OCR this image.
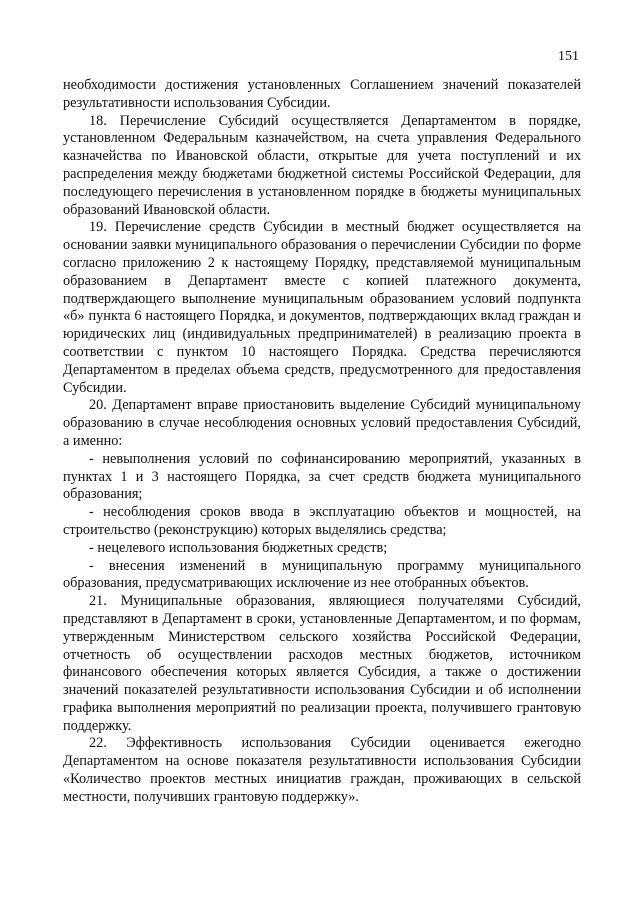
151

необходимости достижения установленных Соглашением значений показателей результативности использования Субсидии.

18. Перечисление Субсидий осуществляется Департаментом в порядке, установленном Федеральным казначейством, на счета управления Федерального казначейства по Ивановской области, открытые для учета поступлений и их распределения между бюджетами бюджетной системы Российской Федерации, для последующего перечисления в установленном порядке в бюджеты муниципальных образований Ивановской области.

19. Перечисление средств Субсидии в местный бюджет осуществляется на основании заявки муниципального образования о перечислении Субсидии по форме согласно приложению 2 к настоящему Порядку, представляемой муниципальным образованием в Департамент вместе с копией платежного документа, подтверждающего выполнение муниципальным образованием условий подпункта «б» пункта 6 настоящего Порядка, и документов, подтверждающих вклад граждан и юридических лиц (индивидуальных предпринимателей) в реализацию проекта в соответствии с пунктом 10 настоящего Порядка. Средства перечисляются Департаментом в пределах объема средств, предусмотренного для предоставления Субсидии.

20. Департамент вправе приостановить выделение Субсидий муниципальному образованию в случае несоблюдения основных условий предоставления Субсидий, а именно:

- невыполнения условий по софинансированию мероприятий, указанных в пунктах 1 и 3 настоящего Порядка, за счет средств бюджета муниципального образования;

- несоблюдения сроков ввода в эксплуатацию объектов и мощностей, на строительство (реконструкцию) которых выделялись средства;

- нецелевого использования бюджетных средств;

- внесения изменений в муниципальную программу муниципального образования, предусматривающих исключение из нее отобранных объектов.

21. Муниципальные образования, являющиеся получателями Субсидий, представляют в Департамент в сроки, установленные Департаментом, и по формам, утвержденным Министерством сельского хозяйства Российской Федерации, отчетность об осуществлении расходов местных бюджетов, источником финансового обеспечения которых является Субсидия, а также о достижении значений показателей результативности использования Субсидии и об исполнении графика выполнения мероприятий по реализации проекта, получившего грантовую поддержку.

22. Эффективность использования Субсидии оценивается ежегодно Департаментом на основе показателя результативности использования Субсидии «Количество проектов местных инициатив граждан, проживающих в сельской местности, получивших грантовую поддержку».
